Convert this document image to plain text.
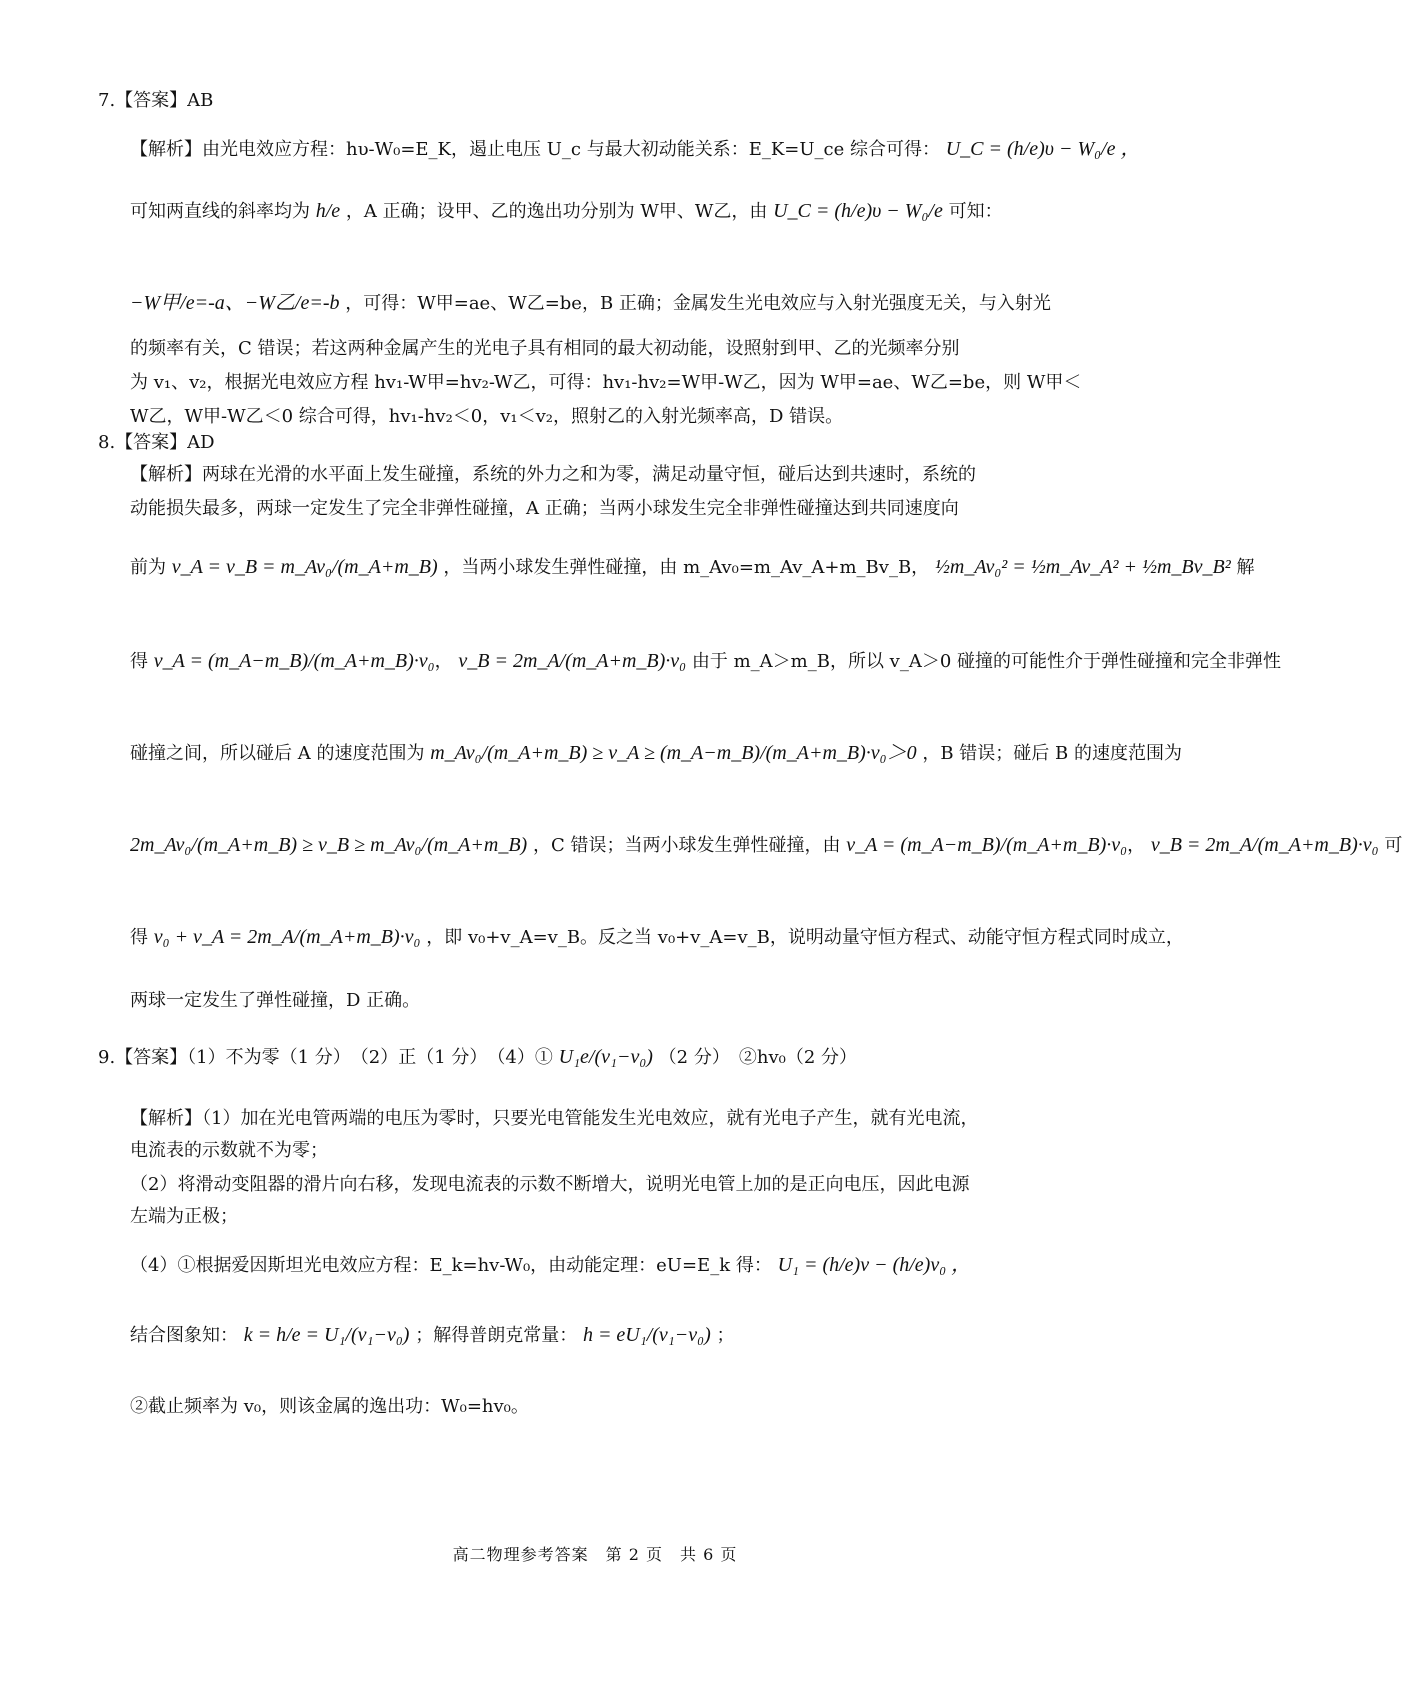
7.【答案】AB
【解析】由光电效应方程：hυ-W₀=E_K，遏止电压 U_c 与最大初动能关系：E_K=U_ce 综合可得： U_C = (h/e)υ − W₀/e ，
可知两直线的斜率均为 h/e ，A 正确；设甲、乙的逸出功分别为 W甲、W乙，由 U_C = (h/e)υ − W₀/e 可知：
−W甲/e=-a、−W乙/e=-b ，可得：W甲=ae、W乙=be，B 正确；金属发生光电效应与入射光强度无关，与入射光
的频率有关，C 错误；若这两种金属产生的光电子具有相同的最大初动能，设照射到甲、乙的光频率分别
为 v₁、v₂，根据光电效应方程 hv₁-W甲=hv₂-W乙，可得：hv₁-hv₂=W甲-W乙，因为 W甲=ae、W乙=be，则 W甲＜
W乙，W甲-W乙＜0 综合可得，hv₁-hv₂＜0，v₁＜v₂，照射乙的入射光频率高，D 错误。
8.【答案】AD
【解析】两球在光滑的水平面上发生碰撞，系统的外力之和为零，满足动量守恒，碰后达到共速时，系统的
动能损失最多，两球一定发生了完全非弹性碰撞，A 正确；当两小球发生完全非弹性碰撞达到共同速度向
前为 v_A = v_B = m_Av₀/(m_A+m_B) ，当两小球发生弹性碰撞，由 m_Av₀=m_Av_A+m_Bv_B， ½m_Av₀² = ½m_Av_A² + ½m_Bv_B² 解
得 v_A = (m_A−m_B)/(m_A+m_B)·v₀， v_B = 2m_A/(m_A+m_B)·v₀ 由于 m_A＞m_B，所以 v_A＞0 碰撞的可能性介于弹性碰撞和完全非弹性
碰撞之间，所以碰后 A 的速度范围为 m_Av₀/(m_A+m_B) ≥ v_A ≥ (m_A−m_B)/(m_A+m_B)·v₀＞0 ，B 错误；碰后 B 的速度范围为
2m_Av₀/(m_A+m_B) ≥ v_B ≥ m_Av₀/(m_A+m_B) ，C 错误；当两小球发生弹性碰撞，由 v_A = (m_A−m_B)/(m_A+m_B)·v₀， v_B = 2m_A/(m_A+m_B)·v₀ 可
得 v₀ + v_A = 2m_A/(m_A+m_B)·v₀ ，即 v₀+v_A=v_B。反之当 v₀+v_A=v_B，说明动量守恒方程式、动能守恒方程式同时成立，
两球一定发生了弹性碰撞，D 正确。
9.【答案】（1）不为零（1 分）　（2）正（1 分）　（4）① U₁e/(v₁−v₀) （2 分）　②hv₀（2 分）
【解析】（1）加在光电管两端的电压为零时，只要光电管能发生光电效应，就有光电子产生，就有光电流，
电流表的示数就不为零；
（2）将滑动变阻器的滑片向右移，发现电流表的示数不断增大，说明光电管上加的是正向电压，因此电源
左端为正极；
（4）①根据爱因斯坦光电效应方程：E_k=hv-W₀，由动能定理：eU=E_k 得： U₁ = (h/e)v − (h/e)v₀ ，
结合图象知： k = h/e = U₁/(v₁−v₀) ；解得普朗克常量： h = eU₁/(v₁−v₀) ；
②截止频率为 v₀，则该金属的逸出功：W₀=hv₀。
高二物理参考答案　第 2 页　共 6 页
